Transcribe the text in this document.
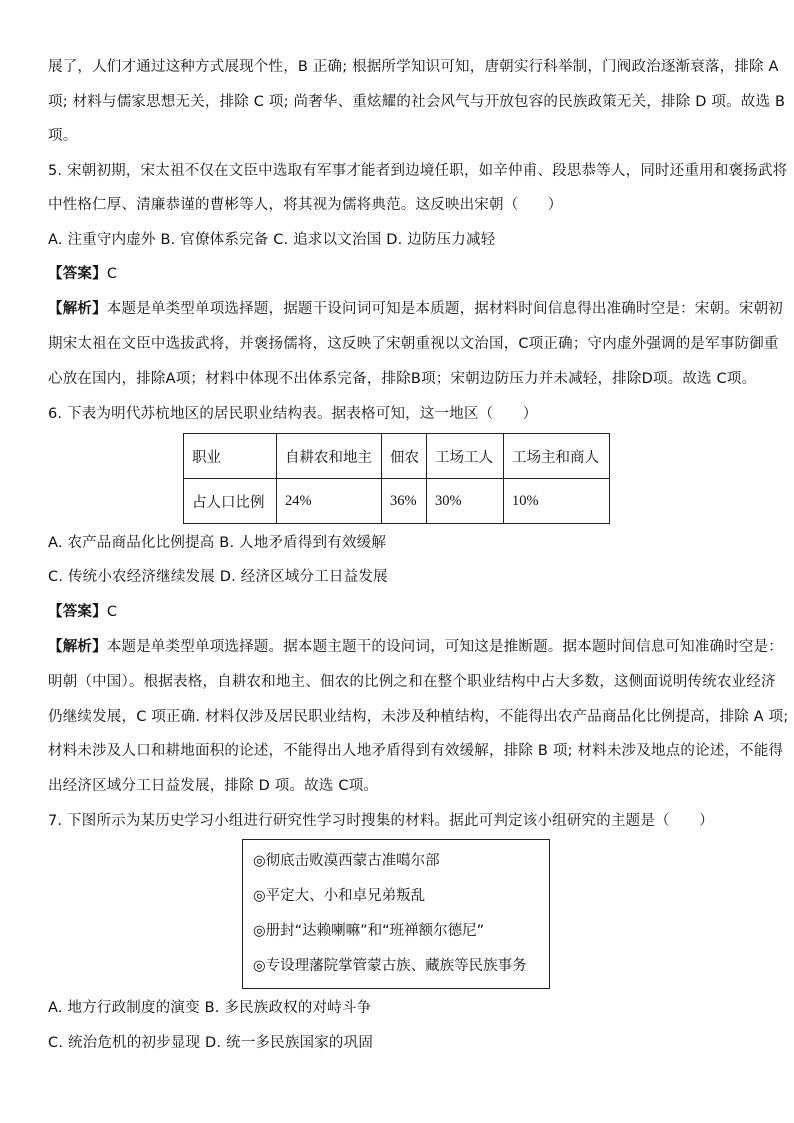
展了，人们才通过这种方式展现个性，B 正确; 根据所学知识可知，唐朝实行科举制，门阀政治逐渐衰落，排除 A
项; 材料与儒家思想无关，排除 C 项; 尚奢华、重炫耀的社会风气与开放包容的民族政策无关，排除 D 项。故选 B
项。
5. 宋朝初期，宋太祖不仅在文臣中选取有军事才能者到边境任职，如辛仲甫、段思恭等人，同时还重用和褒扬武将
中性格仁厚、清廉恭谨的曹彬等人，将其视为儒将典范。这反映出宋朝（　　）
A. 注重守内虚外 B. 官僚体系完备 C. 追求以文治国 D. 边防压力减轻
【答案】C
【解析】本题是单类型单项选择题，据题干设问词可知是本质题，据材料时间信息得出准确时空是：宋朝。宋朝初
期宋太祖在文臣中选拔武将，并褒扬儒将，这反映了宋朝重视以文治国，C项正确；守内虚外强调的是军事防御重
心放在国内，排除A项；材料中体现不出体系完备，排除B项；宋朝边防压力并未减轻，排除D项。故选 C项。
6. 下表为明代苏杭地区的居民职业结构表。据表格可知，这一地区（　　）
职业	自耕农和地主	佃农	工场工人	工场主和商人
占人口比例	24%	36%	30%	10%
A. 农产品商品化比例提高 B. 人地矛盾得到有效缓解
C. 传统小农经济继续发展 D. 经济区域分工日益发展
【答案】C
【解析】本题是单类型单项选择题。据本题主题干的设问词，可知这是推断题。据本题时间信息可知准确时空是：
明朝（中国）。根据表格，自耕农和地主、佃农的比例之和在整个职业结构中占大多数，这侧面说明传统农业经济
仍继续发展，C 项正确. 材料仅涉及居民职业结构，未涉及种植结构，不能得出农产品商品化比例提高，排除 A 项;
材料未涉及人口和耕地面积的论述，不能得出人地矛盾得到有效缓解，排除 B 项; 材料未涉及地点的论述，不能得
出经济区域分工日益发展，排除 D 项。故选 C项。
7. 下图所示为某历史学习小组进行研究性学习时搜集的材料。据此可判定该小组研究的主题是（　　）
◎彻底击败漠西蒙古准噶尔部
◎平定大、小和卓兄弟叛乱
◎册封“达赖喇嘛”和“班禅额尔德尼”
◎专设理藩院掌管蒙古族、藏族等民族事务
A. 地方行政制度的演变 B. 多民族政权的对峙斗争
C. 统治危机的初步显现 D. 统一多民族国家的巩固
